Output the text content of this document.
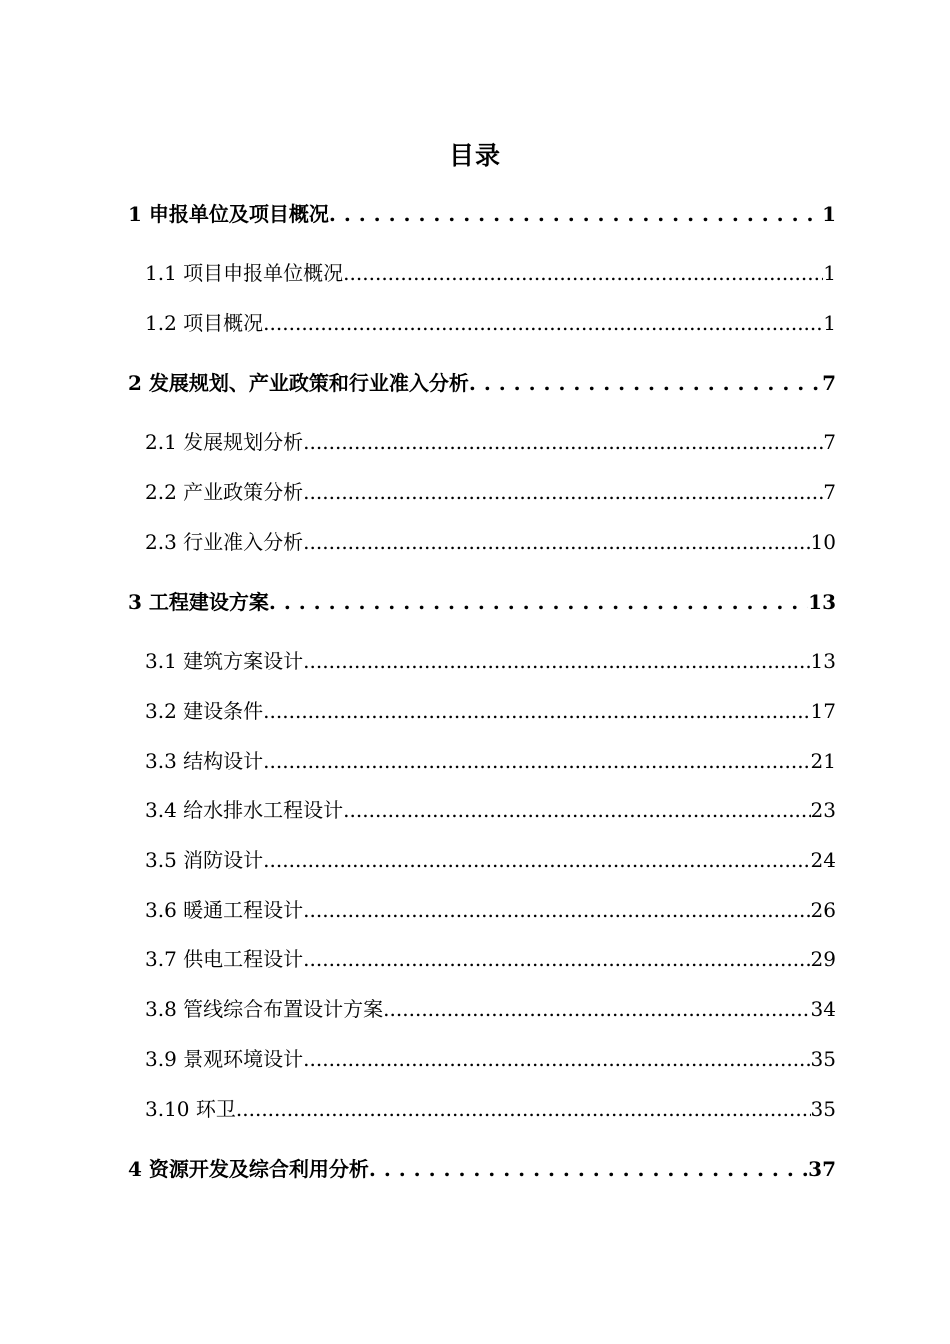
目录
1 申报单位及项目概况 . . .	1
1.1 项目申报单位概况 .....	1
1.2 项目概况 .....	1
2 发展规划、产业政策和行业准入分析 . . .	7
2.1 发展规划分析 .....	7
2.2 产业政策分析 .....	7
2.3 行业准入分析 .....	10
3 工程建设方案 . . .	13
3.1 建筑方案设计 .....	13
3.2 建设条件 .....	17
3.3 结构设计 .....	21
3.4 给水排水工程设计 .....	23
3.5 消防设计 .....	24
3.6 暖通工程设计 .....	26
3.7 供电工程设计 .....	29
3.8 管线综合布置设计方案 .....	34
3.9 景观环境设计 .....	35
3.10 环卫 .....	35
4 资源开发及综合利用分析 . . .	37
